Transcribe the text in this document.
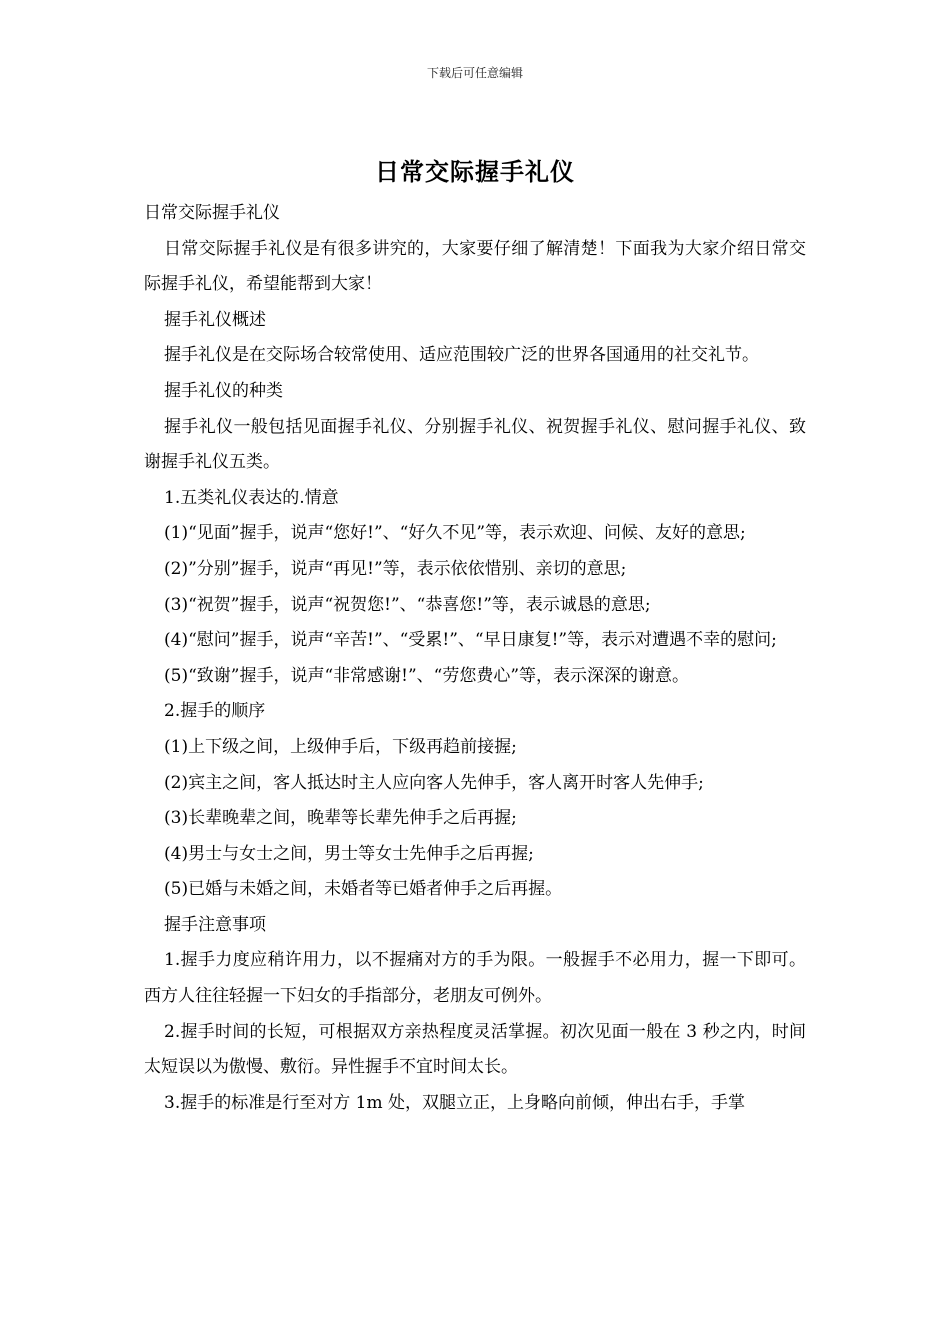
下载后可任意编辑
日常交际握手礼仪

日常交际握手礼仪

日常交际握手礼仪是有很多讲究的，大家要仔细了解清楚！下面我为大家介绍日常交际握手礼仪，希望能帮到大家！

握手礼仪概述

握手礼仪是在交际场合较常使用、适应范围较广泛的世界各国通用的社交礼节。

握手礼仪的种类

握手礼仪一般包括见面握手礼仪、分别握手礼仪、祝贺握手礼仪、慰问握手礼仪、致谢握手礼仪五类。

1.五类礼仪表达的.情意

(1)“见面”握手，说声“您好!”、“好久不见”等，表示欢迎、问候、友好的意思;

(2)”分别”握手，说声“再见!”等，表示依依惜别、亲切的意思;

(3)“祝贺”握手，说声“祝贺您!”、“恭喜您!”等，表示诚恳的意思;

(4)“慰问”握手，说声“辛苦!”、“受累!”、“早日康复!”等，表示对遭遇不幸的慰问;

(5)“致谢”握手，说声“非常感谢!”、“劳您费心”等，表示深深的谢意。

2.握手的顺序

(1)上下级之间，上级伸手后，下级再趋前接握;

(2)宾主之间，客人抵达时主人应向客人先伸手，客人离开时客人先伸手;

(3)长辈晚辈之间，晚辈等长辈先伸手之后再握;

(4)男士与女士之间，男士等女士先伸手之后再握;

(5)已婚与未婚之间，未婚者等已婚者伸手之后再握。

握手注意事项

1.握手力度应稍许用力，以不握痛对方的手为限。一般握手不必用力，握一下即可。西方人往往轻握一下妇女的手指部分，老朋友可例外。

2.握手时间的长短，可根据双方亲热程度灵活掌握。初次见面一般在 3 秒之内，时间太短误以为傲慢、敷衍。异性握手不宜时间太长。

3.握手的标准是行至对方 1m 处，双腿立正，上身略向前倾，伸出右手，手掌
